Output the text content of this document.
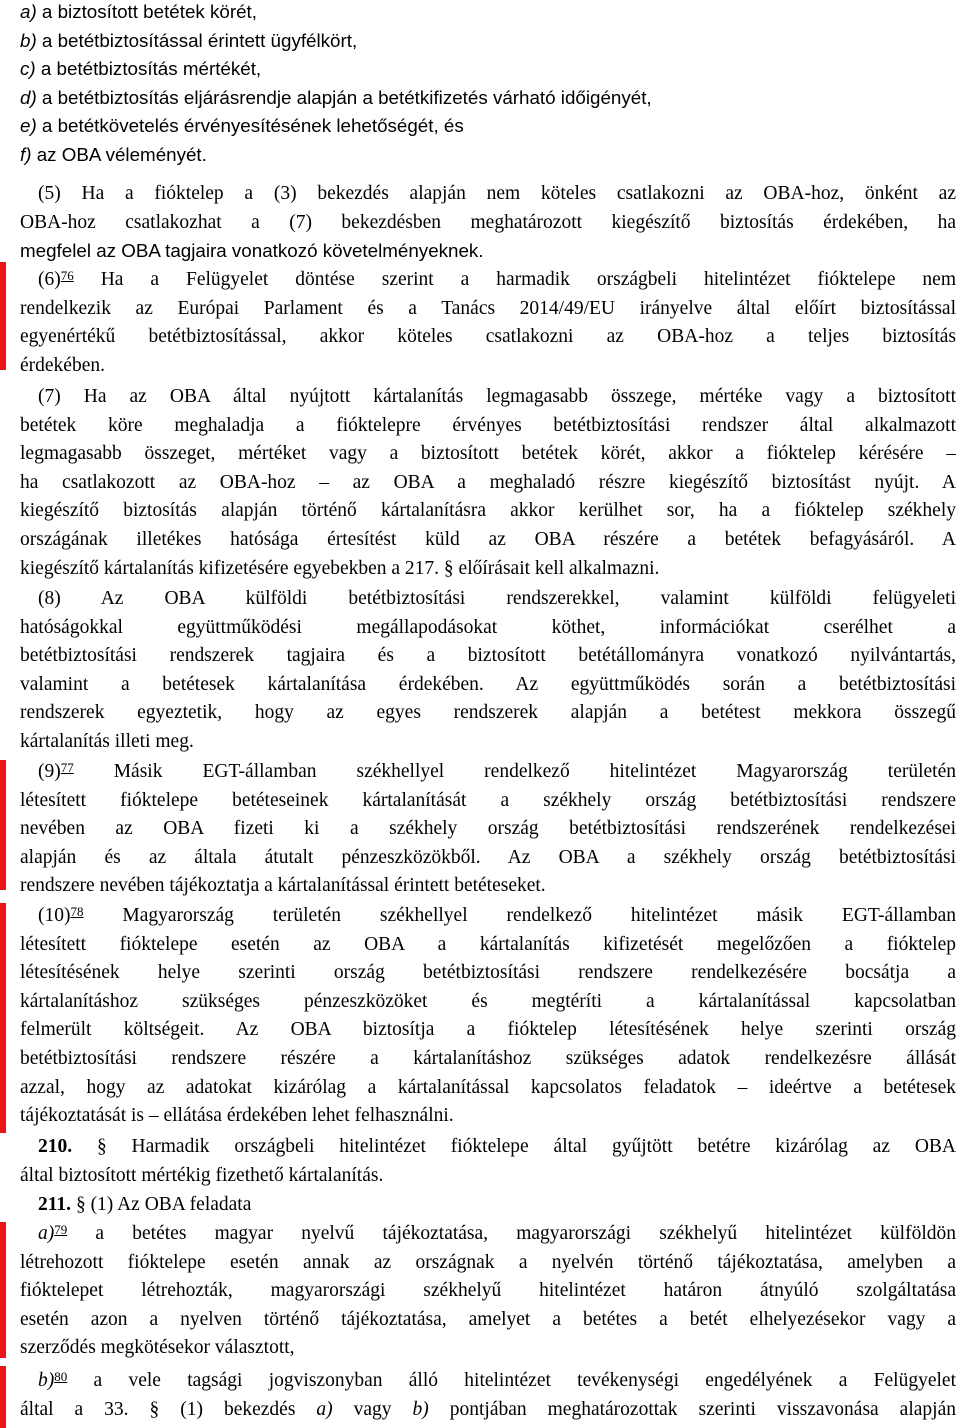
a) a biztosított betétek körét,
b) a betétbiztosítással érintett ügyfélkört,
c) a betétbiztosítás mértékét,
d) a betétbiztosítás eljárásrendje alapján a betétkifizetés várható időigényét,
e) a betétkövetelés érvényesítésének lehetőségét, és
f) az OBA véleményét.
(5) Ha a fióktelep a (3) bekezdés alapján nem köteles csatlakozni az OBA-hoz, önként az
OBA-hoz csatlakozhat a (7) bekezdésben meghatározott kiegészítő biztosítás érdekében, ha
megfelel az OBA tagjaira vonatkozó követelményeknek.
$(6)^{76}$ Ha a Felügyelet döntése szerint a harmadik országbeli hitelintézet fióktelepe nem
rendelkezik az Európai Parlament és a Tanács 2014/49/EU irányelve által előírt biztosítással
egyenértékű betétbiztosítással, akkor köteles csatlakozni az OBA-hoz a teljes biztosítás
érdekében.
(7) Ha az OBA által nyújtott kártalanítás legmagasabb összege, mértéke vagy a biztosított
betétek köre meghaladja a fióktelepre érvényes betétbiztosítási rendszer által alkalmazott
legmagasabb összeget, mértéket vagy a biztosított betétek körét, akkor a fióktelep kérésére –
ha csatlakozott az OBA-hoz – az OBA a meghaladó részre kiegészítő biztosítást nyújt. A
kiegészítő biztosítás alapján történő kártalanításra akkor kerülhet sor, ha a fióktelep székhely
országának illetékes hatósága értesítést küld az OBA részére a betétek befagyásáról. A
kiegészítő kártalanítás kifizetésére egyebekben a 217. § előírásait kell alkalmazni.
(8) Az OBA külföldi betétbiztosítási rendszerekkel, valamint külföldi felügyeleti
hatóságokkal együttműködési megállapodásokat köthet, információkat cserélhet a
betétbiztosítási rendszerek tagjaira és a biztosított betétállományra vonatkozó nyilvántartás,
valamint a betétesek kártalanítása érdekében. Az együttműködés során a betétbiztosítási
rendszerek egyeztetik, hogy az egyes rendszerek alapján a betétest mekkora összegű
kártalanítás illeti meg.
$(9)^{77}$ Másik EGT-államban székhellyel rendelkező hitelintézet Magyarország területén
létesített fióktelepe betéteseinek kártalanítását a székhely ország betétbiztosítási rendszere
nevében az OBA fizeti ki a székhely ország betétbiztosítási rendszerének rendelkezései
alapján és az általa átutalt pénzeszközökből. Az OBA a székhely ország betétbiztosítási
rendszere nevében tájékoztatja a kártalanítással érintett betéteseket.
$(10)^{78}$ Magyarország területén székhellyel rendelkező hitelintézet másik EGT-államban
létesített fióktelepe esetén az OBA a kártalanítás kifizetését megelőzően a fióktelep
létesítésének helye szerinti ország betétbiztosítási rendszere rendelkezésére bocsátja a
kártalanításhoz szükséges pénzeszközöket és megtéríti a kártalanítással kapcsolatban
felmerült költségeit. Az OBA biztosítja a fióktelep létesítésének helye szerinti ország
betétbiztosítási rendszere részére a kártalanításhoz szükséges adatok rendelkezésre állását
azzal, hogy az adatokat kizárólag a kártalanítással kapcsolatos feladatok – ideértve a betétesek
tájékoztatását is – ellátása érdekében lehet felhasználni.
210. § Harmadik országbeli hitelintézet fióktelepe által gyűjtött betétre kizárólag az OBA
által biztosított mértékig fizethető kártalanítás.
211. § (1) Az OBA feladata
a)$^{79}$ a betétes magyar nyelvű tájékoztatása, magyarországi székhelyű hitelintézet külföldön
létrehozott fióktelepe esetén annak az országnak a nyelvén történő tájékoztatása, amelyben a
fióktelepet létrehozták, magyarországi székhelyű hitelintézet határon átnyúló szolgáltatása
esetén azon a nyelven történő tájékoztatása, amelyet a betétes a betét elhelyezésekor vagy a
szerződés megkötésekor választott,
b)$^{80}$ a vele tagsági jogviszonyban álló hitelintézet tevékenységi engedélyének a Felügyelet
által a 33. § (1) bekezdés a) vagy b) pontjában meghatározottak szerinti visszavonása alapján
